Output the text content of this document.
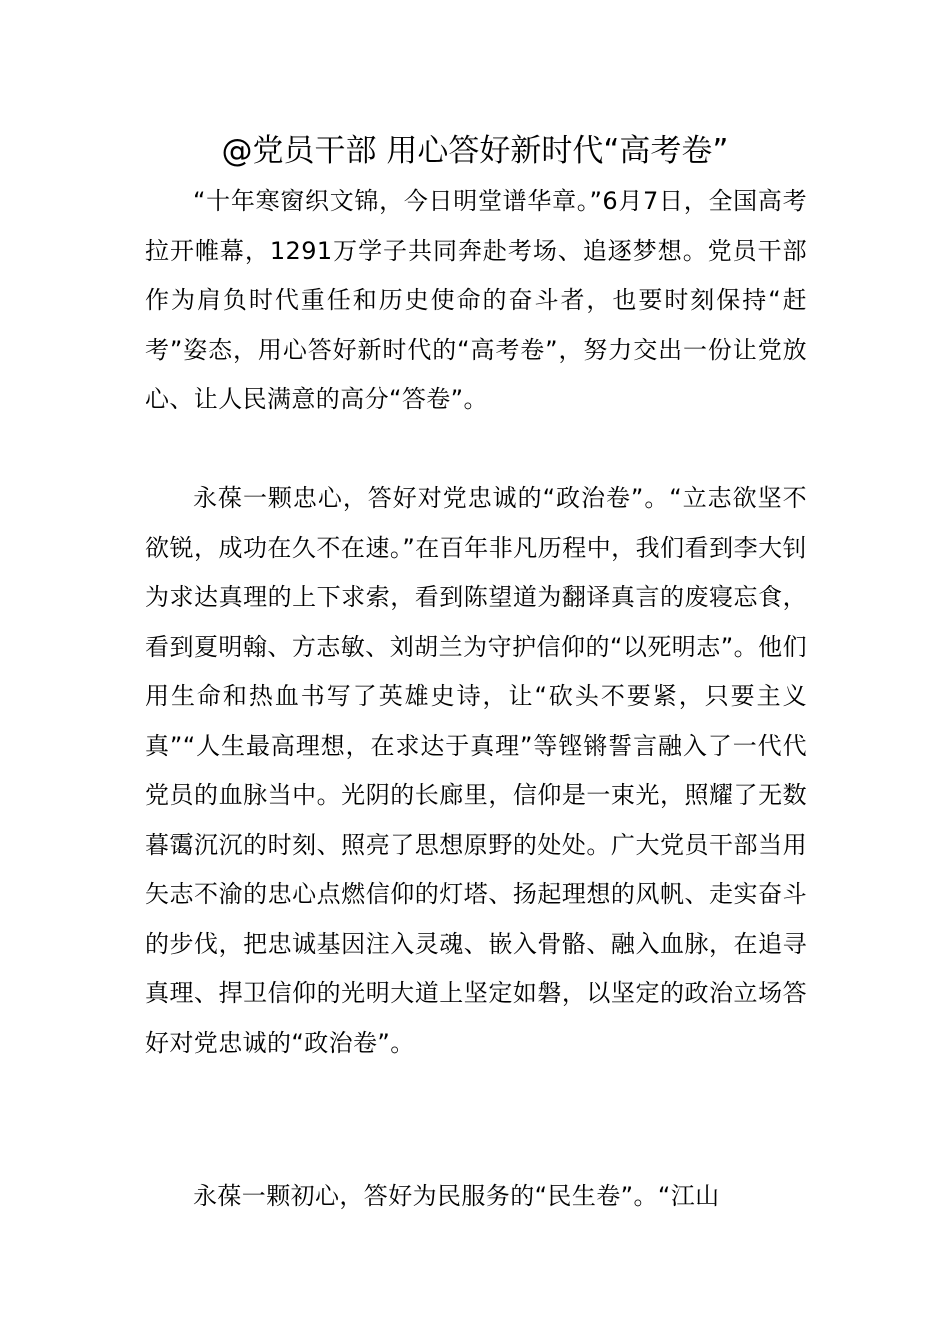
@党员干部 用心答好新时代“高考卷”

“十年寒窗织文锦，今日明堂谱华章。”6月7日，全国高考拉开帷幕，1291万学子共同奔赴考场、追逐梦想。党员干部作为肩负时代重任和历史使命的奋斗者，也要时刻保持“赶考”姿态，用心答好新时代的“高考卷”，努力交出一份让党放心、让人民满意的高分“答卷”。

永葆一颗忠心，答好对党忠诚的“政治卷”。“立志欲坚不欲锐，成功在久不在速。”在百年非凡历程中，我们看到李大钊为求达真理的上下求索，看到陈望道为翻译真言的废寝忘食，看到夏明翰、方志敏、刘胡兰为守护信仰的“以死明志”。他们用生命和热血书写了英雄史诗，让“砍头不要紧，只要主义真”“人生最高理想，在求达于真理”等铿锵誓言融入了一代代党员的血脉当中。光阴的长廊里，信仰是一束光，照耀了无数暮霭沉沉的时刻、照亮了思想原野的处处。广大党员干部当用矢志不渝的忠心点燃信仰的灯塔、扬起理想的风帆、走实奋斗的步伐，把忠诚基因注入灵魂、嵌入骨骼、融入血脉，在追寻真理、捍卫信仰的光明大道上坚定如磐，以坚定的政治立场答好对党忠诚的“政治卷”。

永葆一颗初心，答好为民服务的“民生卷”。“江山
